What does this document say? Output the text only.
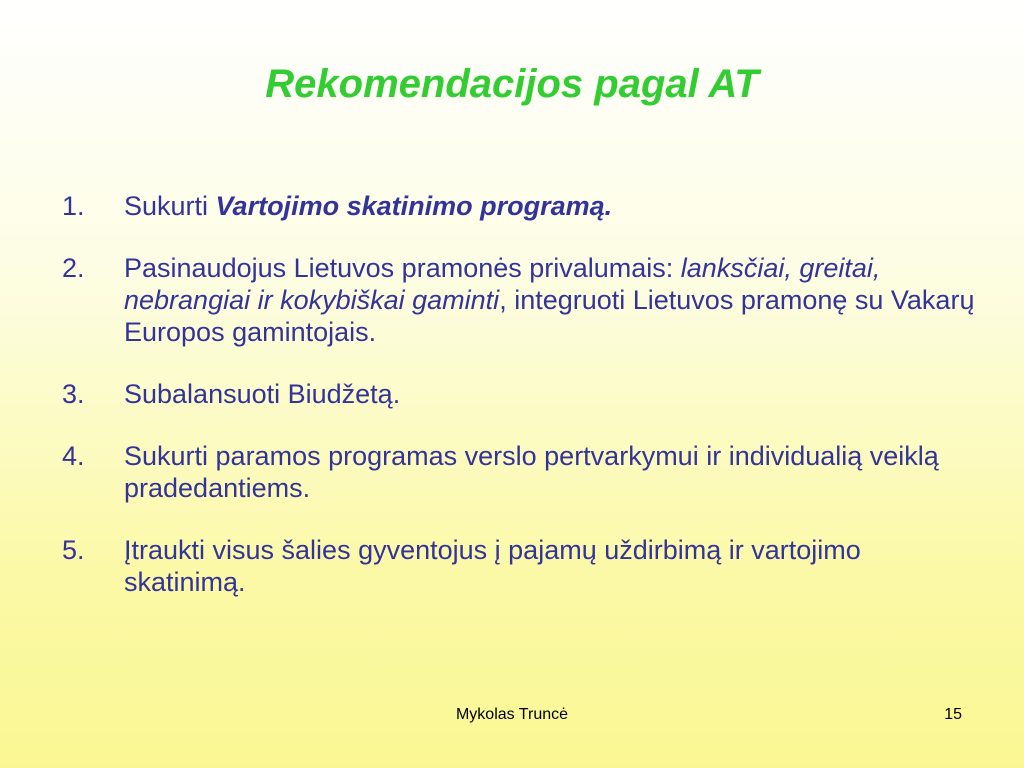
Rekomendacijos pagal AT
1.	Sukurti Vartojimo skatinimo programą.
2.	Pasinaudojus Lietuvos pramonės privalumais: lanksčiai, greitai, nebrangiai ir kokybiškai gaminti, integruoti Lietuvos pramonę su Vakarų Europos gamintojais.
3.	Subalansuoti Biudžetą.
4.	Sukurti paramos programas verslo pertvarkymui ir individualią veiklą pradedantiems.
5.	Įtraukti visus šalies gyventojus į pajamų uždirbimą ir vartojimo skatinimą.
Mykolas Truncė	15
